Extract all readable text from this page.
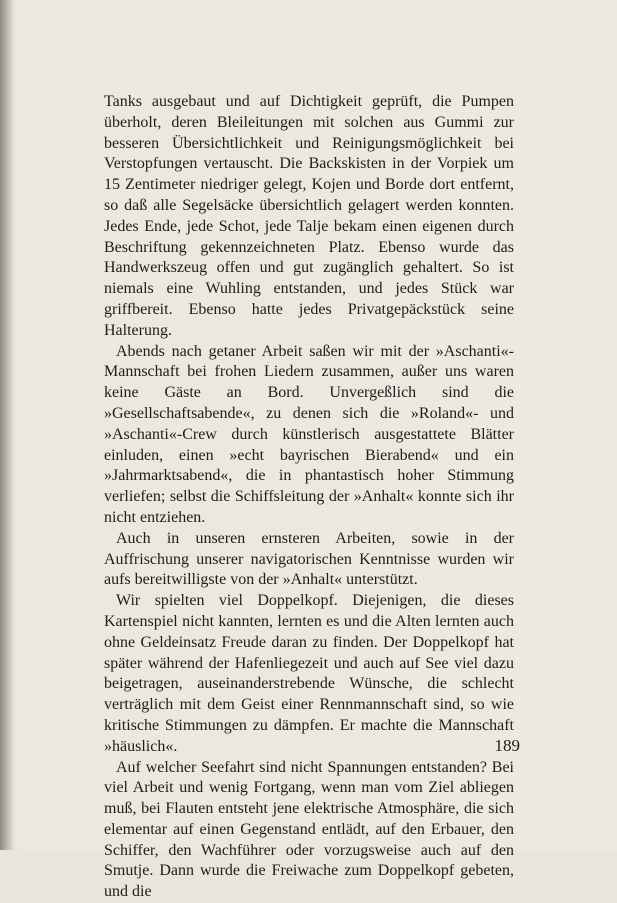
Tanks ausgebaut und auf Dichtigkeit geprüft, die Pumpen überholt, deren Bleileitungen mit solchen aus Gummi zur besseren Übersichtlichkeit und Reinigungsmöglichkeit bei Verstopfungen vertauscht. Die Backskisten in der Vorpiek um 15 Zentimeter niedriger gelegt, Kojen und Borde dort entfernt, so daß alle Segelsäcke übersichtlich gelagert werden konnten. Jedes Ende, jede Schot, jede Talje bekam einen eigenen durch Beschriftung gekennzeichneten Platz. Ebenso wurde das Handwerkszeug offen und gut zugänglich gehaltert. So ist niemals eine Wuhling entstanden, und jedes Stück war griffbereit. Ebenso hatte jedes Privatgepäckstück seine Halterung.

Abends nach getaner Arbeit saßen wir mit der »Aschanti«-Mannschaft bei frohen Liedern zusammen, außer uns waren keine Gäste an Bord. Unvergeßlich sind die »Gesellschaftsabende«, zu denen sich die »Roland«- und »Aschanti«-Crew durch künstlerisch ausgestattete Blätter einluden, einen »echt bayrischen Bierabend« und ein »Jahrmarktsabend«, die in phantastisch hoher Stimmung verliefen; selbst die Schiffsleitung der »Anhalt« konnte sich ihr nicht entziehen.

Auch in unseren ernsteren Arbeiten, sowie in der Auffrischung unserer navigatorischen Kenntnisse wurden wir aufs bereitwilligste von der »Anhalt« unterstützt.

Wir spielten viel Doppelkopf. Diejenigen, die dieses Kartenspiel nicht kannten, lernten es und die Alten lernten auch ohne Geldeinsatz Freude daran zu finden. Der Doppelkopf hat später während der Hafenliegezeit und auch auf See viel dazu beigetragen, auseinanderstrebende Wünsche, die schlecht verträglich mit dem Geist einer Rennmannschaft sind, so wie kritische Stimmungen zu dämpfen. Er machte die Mannschaft »häuslich«.

Auf welcher Seefahrt sind nicht Spannungen entstanden? Bei viel Arbeit und wenig Fortgang, wenn man vom Ziel abliegen muß, bei Flauten entsteht jene elektrische Atmosphäre, die sich elementar auf einen Gegenstand entlädt, auf den Erbauer, den Schiffer, den Wachführer oder vorzugsweise auch auf den Smutje. Dann wurde die Freiwache zum Doppelkopf gebeten, und die

189
